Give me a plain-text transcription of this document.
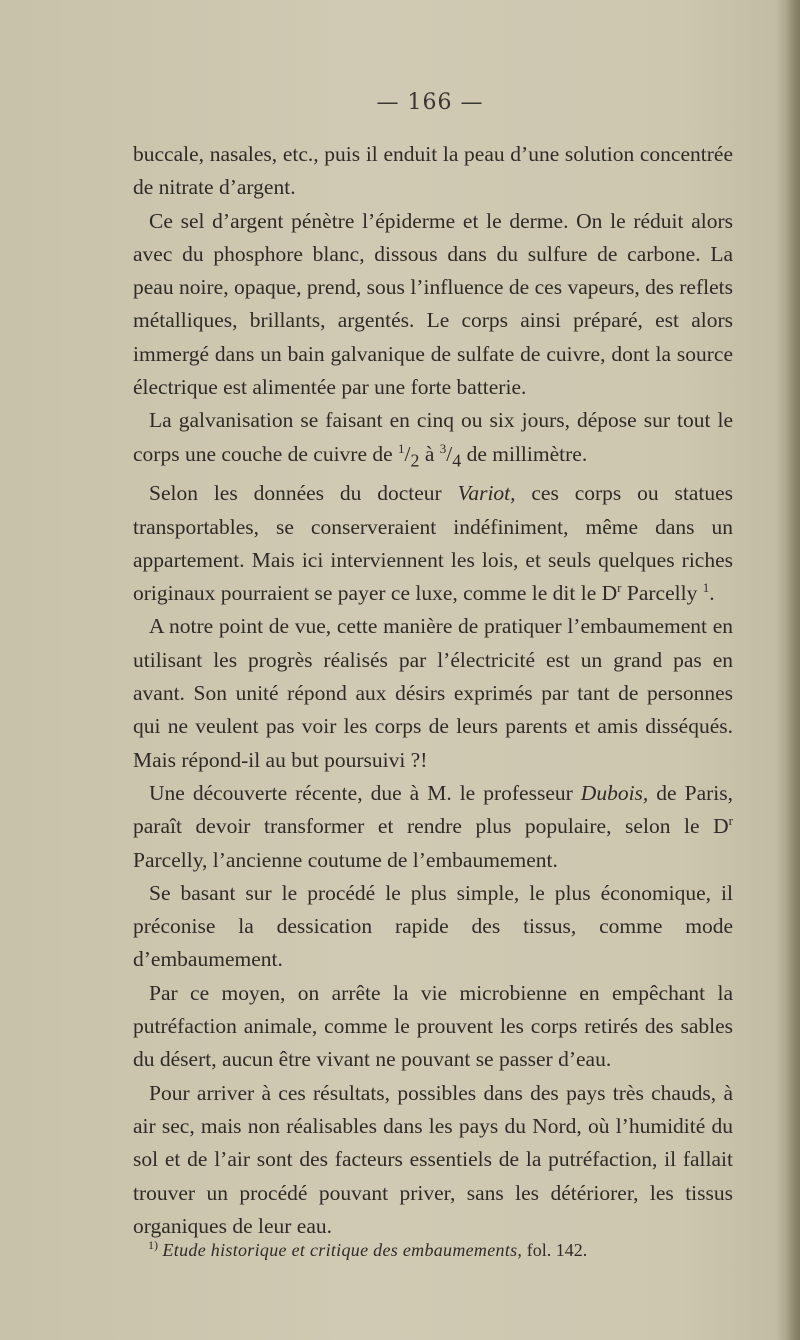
— 166 —

buccale, nasales, etc., puis il enduit la peau d’une solution concentrée de nitrate d’argent.

Ce sel d’argent pénètre l’épiderme et le derme. On le réduit alors avec du phosphore blanc, dissous dans du sulfure de carbone. La peau noire, opaque, prend, sous l’influence de ces vapeurs, des reflets métalliques, brillants, argentés. Le corps ainsi préparé, est alors immergé dans un bain galvanique de sulfate de cuivre, dont la source électrique est alimentée par une forte batterie.

La galvanisation se faisant en cinq ou six jours, dépose sur tout le corps une couche de cuivre de $^1/_2$ à $^3/_4$ de millimètre.

Selon les données du docteur Variot, ces corps ou statues transportables, se conserveraient indéfiniment, même dans un appartement. Mais ici interviennent les lois, et seuls quelques riches originaux pourraient se payer ce luxe, comme le dit le $D^r$ Parcelly $^1$.

A notre point de vue, cette manière de pratiquer l’embaumement en utilisant les progrès réalisés par l’électricité est un grand pas en avant. Son unité répond aux désirs exprimés par tant de personnes qui ne veulent pas voir les corps de leurs parents et amis disséqués. Mais répond-il au but poursuivi ?!

Une découverte récente, due à M. le professeur Dubois, de Paris, paraît devoir transformer et rendre plus populaire, selon le $D^r$ Parcelly, l’ancienne coutume de l’embaumement.

Se basant sur le procédé le plus simple, le plus économique, il préconise la dessication rapide des tissus, comme mode d’embaumement.

Par ce moyen, on arrête la vie microbienne en empêchant la putréfaction animale, comme le prouvent les corps retirés des sables du désert, aucun être vivant ne pouvant se passer d’eau.

Pour arriver à ces résultats, possibles dans des pays très chauds, à air sec, mais non réalisables dans les pays du Nord, où l’humidité du sol et de l’air sont des facteurs essentiels de la putréfaction, il fallait trouver un procédé pouvant priver, sans les détériorer, les tissus organiques de leur eau.

$^{1)}$ Etude historique et critique des embaumements, fol. 142.
